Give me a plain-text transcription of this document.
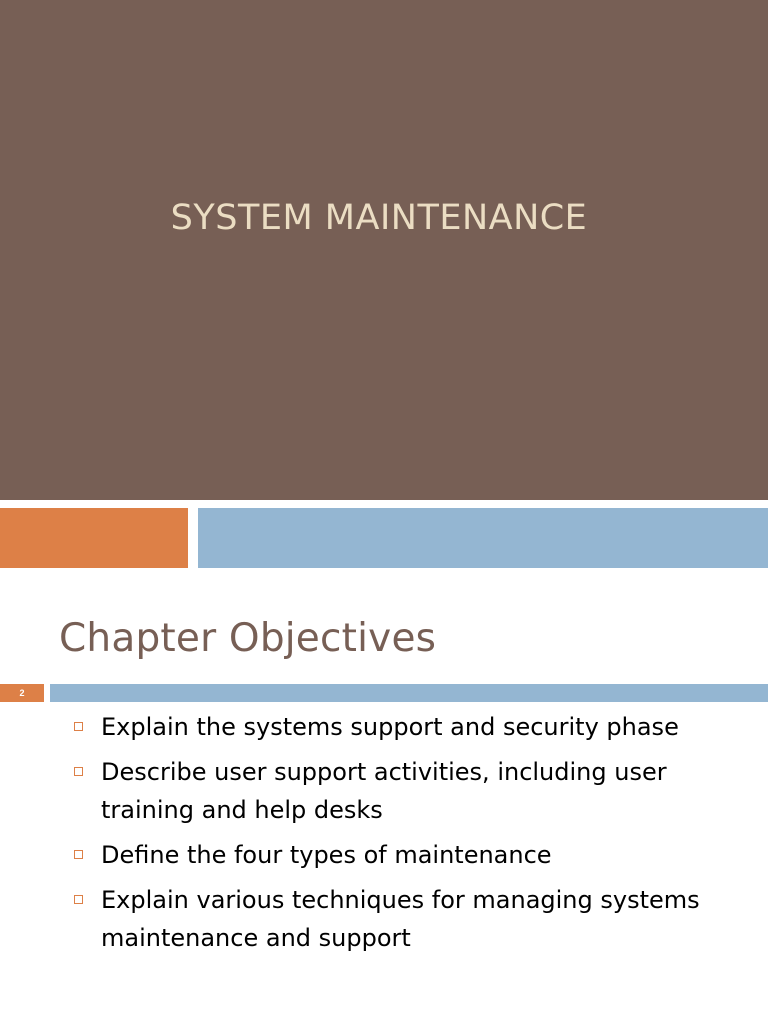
SYSTEM MAINTENANCE
Chapter Objectives
2
Explain the systems support and security phase
Describe user support activities, including user training and help desks
Define the four types of maintenance
Explain various techniques for managing systems maintenance and support
